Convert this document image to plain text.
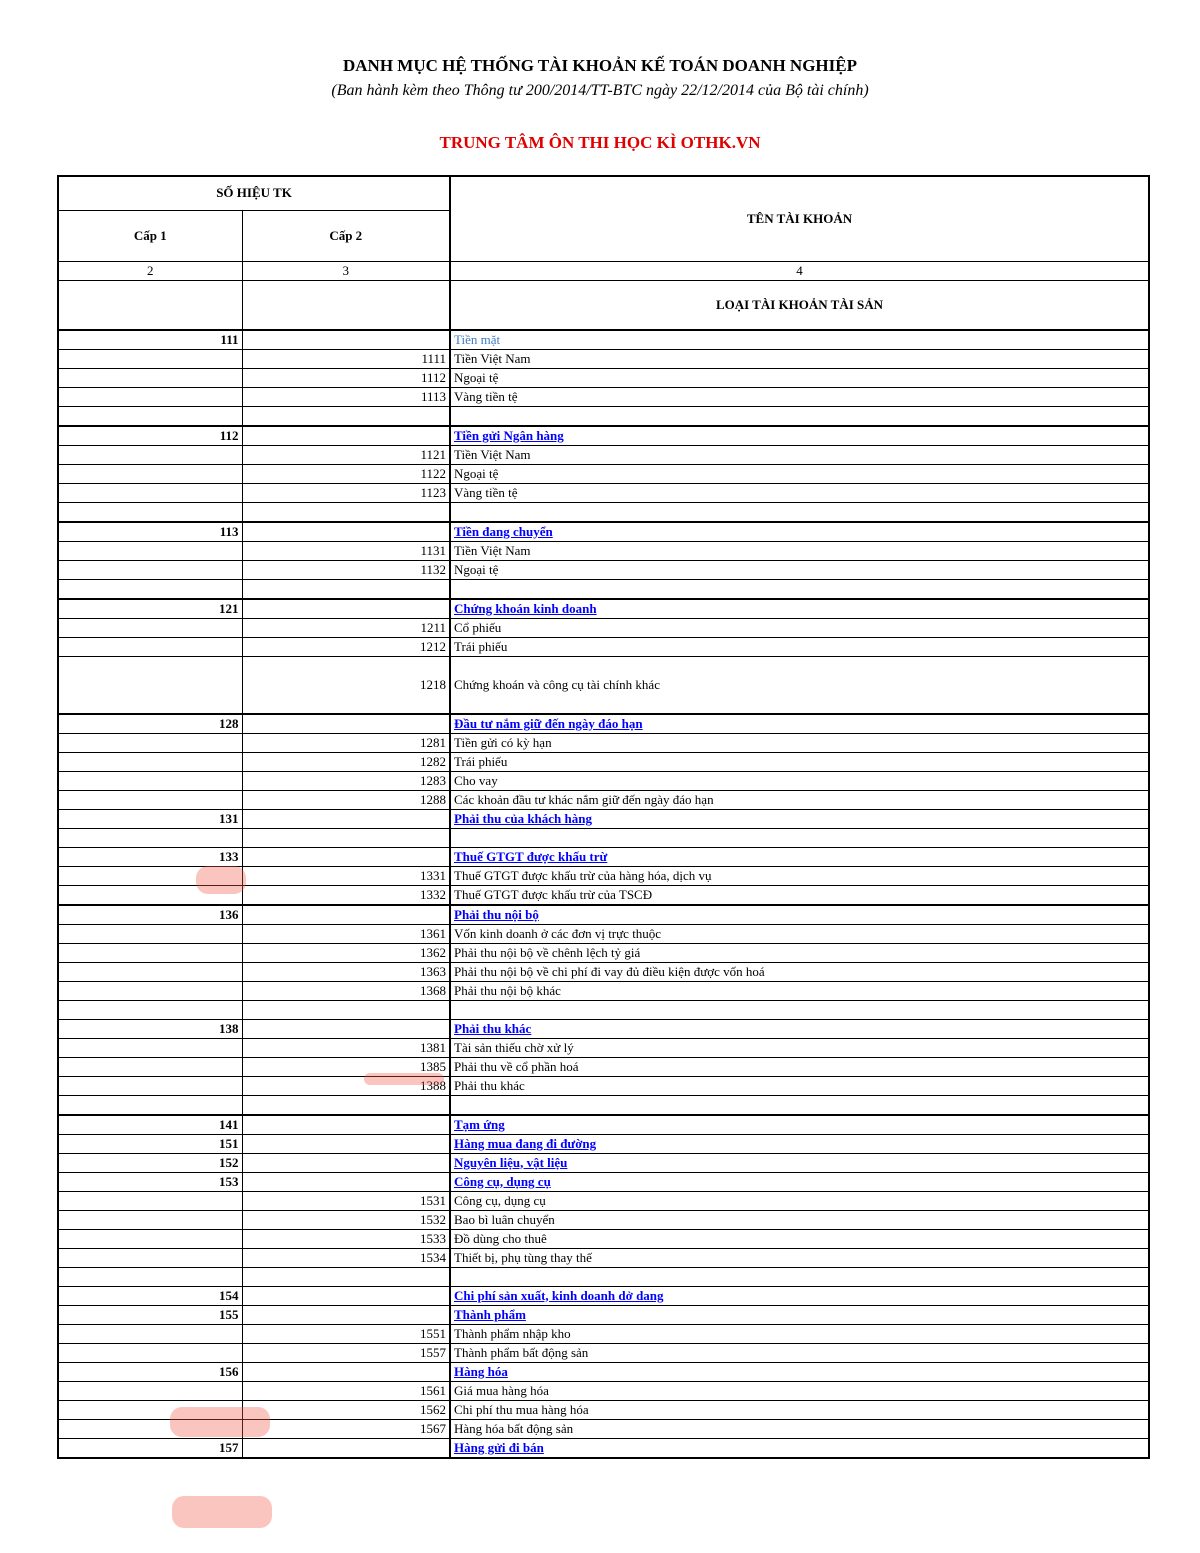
DANH MỤC HỆ THỐNG TÀI KHOẢN KẾ TOÁN DOANH NGHIỆP
(Ban hành kèm theo Thông tư 200/2014/TT-BTC ngày 22/12/2014 của Bộ tài chính)
TRUNG TÂM ÔN THI HỌC KÌ OTHK.VN
SỐ HIỆU TK		TÊN TÀI KHOẢN
Cấp 1	Cấp 2	
2	3	4
		LOẠI TÀI KHOẢN TÀI SẢN
111		Tiền mặt
	1111	Tiền Việt Nam
	1112	Ngoại tệ
	1113	Vàng tiền tệ

112		Tiền gửi Ngân hàng
	1121	Tiền Việt Nam
	1122	Ngoại tệ
	1123	Vàng tiền tệ

113		Tiền đang chuyển
	1131	Tiền Việt Nam
	1132	Ngoại tệ

121		Chứng khoán kinh doanh
	1211	Cổ phiếu
	1212	Trái phiếu
	1218	Chứng khoán và công cụ tài chính khác
128		Đầu tư nắm giữ đến ngày đáo hạn
	1281	Tiền gửi có kỳ hạn
	1282	Trái phiếu
	1283	Cho vay
	1288	Các khoản đầu tư khác nắm giữ đến ngày đáo hạn
131		Phải thu của khách hàng

133		Thuế GTGT được khấu trừ
	1331	Thuế GTGT được khấu trừ của hàng hóa, dịch vụ
	1332	Thuế GTGT được khấu trừ của TSCĐ
136		Phải thu nội bộ
	1361	Vốn kinh doanh ở các đơn vị trực thuộc
	1362	Phải thu nội bộ về chênh lệch tỷ giá
	1363	Phải thu nội bộ về chi phí đi vay đủ điều kiện được vốn hoá
	1368	Phải thu nội bộ khác

138		Phải thu khác
	1381	Tài sản thiếu chờ xử lý
	1385	Phải thu về cổ phần hoá
	1388	Phải thu khác

141		Tạm ứng
151		Hàng mua đang đi đường
152		Nguyên liệu, vật liệu
153		Công cụ, dụng cụ
	1531	Công cụ, dụng cụ
	1532	Bao bì luân chuyển
	1533	Đồ dùng cho thuê
	1534	Thiết bị, phụ tùng thay thế

154		Chi phí sản xuất, kinh doanh dở dang
155		Thành phẩm
	1551	Thành phẩm nhập kho
	1557	Thành phẩm bất động sản
156		Hàng hóa
	1561	Giá mua hàng hóa
	1562	Chi phí thu mua hàng hóa
	1567	Hàng hóa bất động sản
157		Hàng gửi đi bán
